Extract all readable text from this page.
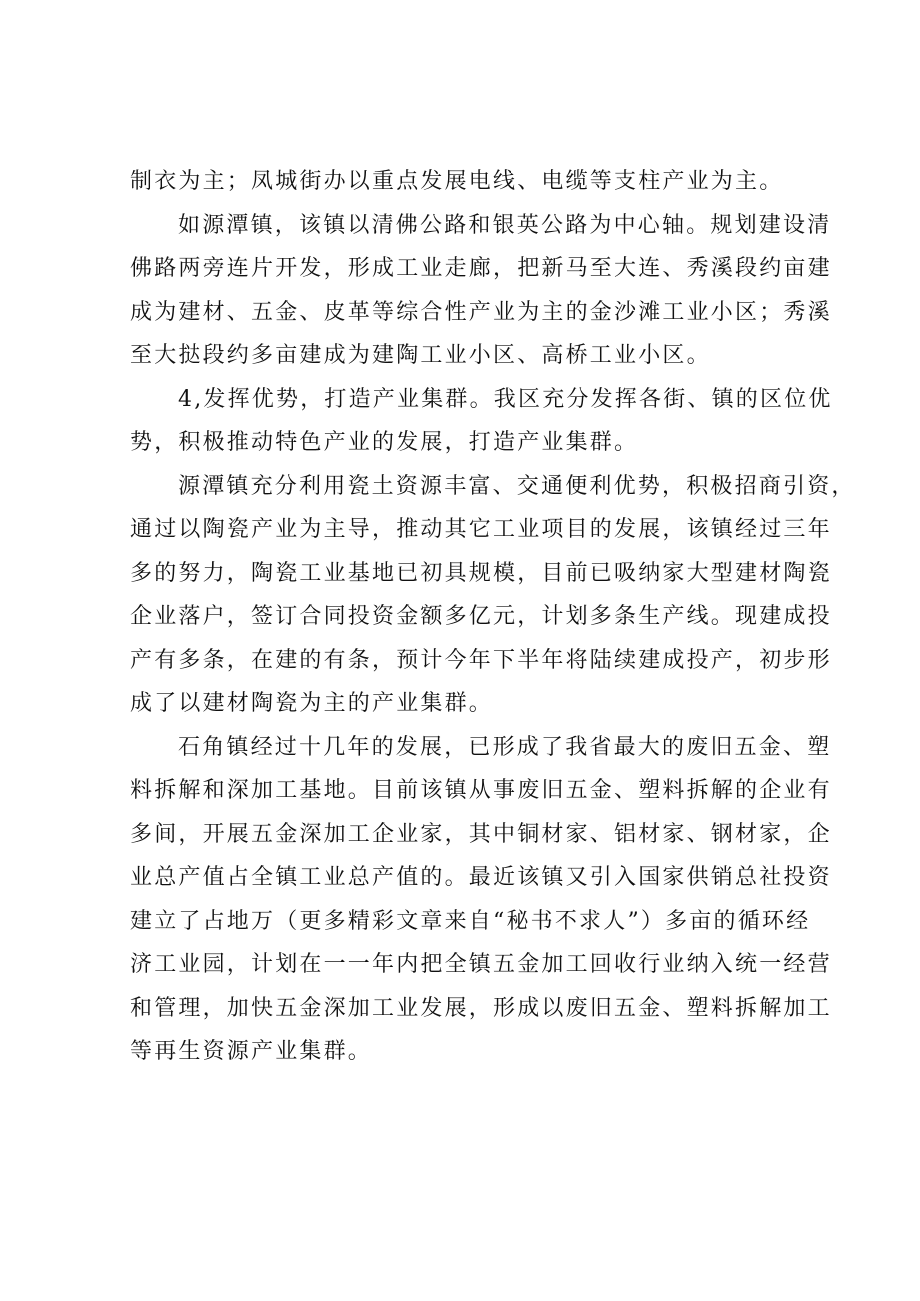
制衣为主；凤城街办以重点发展电线、电缆等支柱产业为主。
如源潭镇，该镇以清佛公路和银英公路为中心轴。规划建设清
佛路两旁连片开发，形成工业走廊，把新马至大连、秀溪段约亩建
成为建材、五金、皮革等综合性产业为主的金沙滩工业小区；秀溪
至大挞段约多亩建成为建陶工业小区、高桥工业小区。
4,发挥优势，打造产业集群。我区充分发挥各街、镇的区位优
势，积极推动特色产业的发展，打造产业集群。
源潭镇充分利用瓷土资源丰富、交通便利优势，积极招商引资，
通过以陶瓷产业为主导，推动其它工业项目的发展，该镇经过三年
多的努力，陶瓷工业基地已初具规模，目前已吸纳家大型建材陶瓷
企业落户，签订合同投资金额多亿元，计划多条生产线。现建成投
产有多条，在建的有条，预计今年下半年将陆续建成投产，初步形
成了以建材陶瓷为主的产业集群。
石角镇经过十几年的发展，已形成了我省最大的废旧五金、塑
料拆解和深加工基地。目前该镇从事废旧五金、塑料拆解的企业有
多间，开展五金深加工企业家，其中铜材家、铝材家、钢材家，企
业总产值占全镇工业总产值的。最近该镇又引入国家供销总社投资
建立了占地万（更多精彩文章来自“秘书不求人”）多亩的循环经
济工业园，计划在一一年内把全镇五金加工回收行业纳入统一经营
和管理，加快五金深加工业发展，形成以废旧五金、塑料拆解加工
等再生资源产业集群。
